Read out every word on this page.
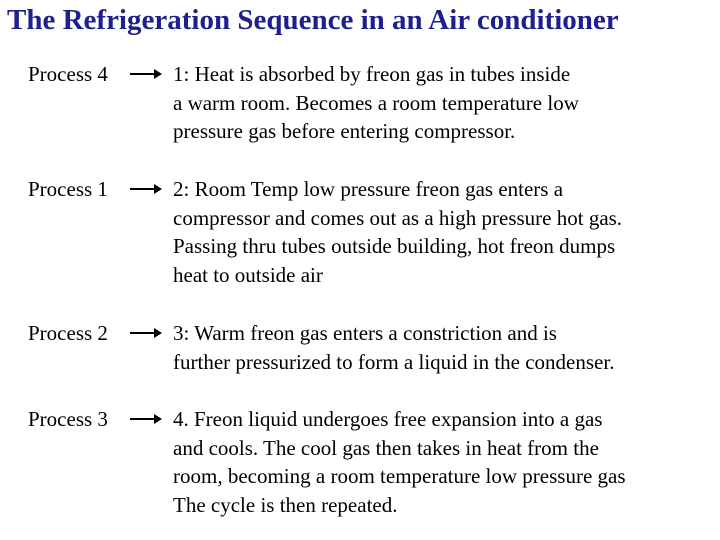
The Refrigeration Sequence in an Air conditioner
Process 4	1: Heat is absorbed by freon gas in tubes inside
a warm room. Becomes a room temperature low
pressure gas before entering compressor.
Process 1	2: Room Temp low pressure freon gas enters a
compressor and comes out as a high pressure hot gas.
Passing thru tubes outside building, hot freon dumps
heat to outside air
Process 2	3: Warm freon gas enters a constriction and is
further pressurized to form a liquid in the condenser.
Process 3	4. Freon liquid undergoes free expansion into a gas
and cools. The cool gas then takes in heat from the
room, becoming a room temperature low pressure gas
The cycle is then repeated.
